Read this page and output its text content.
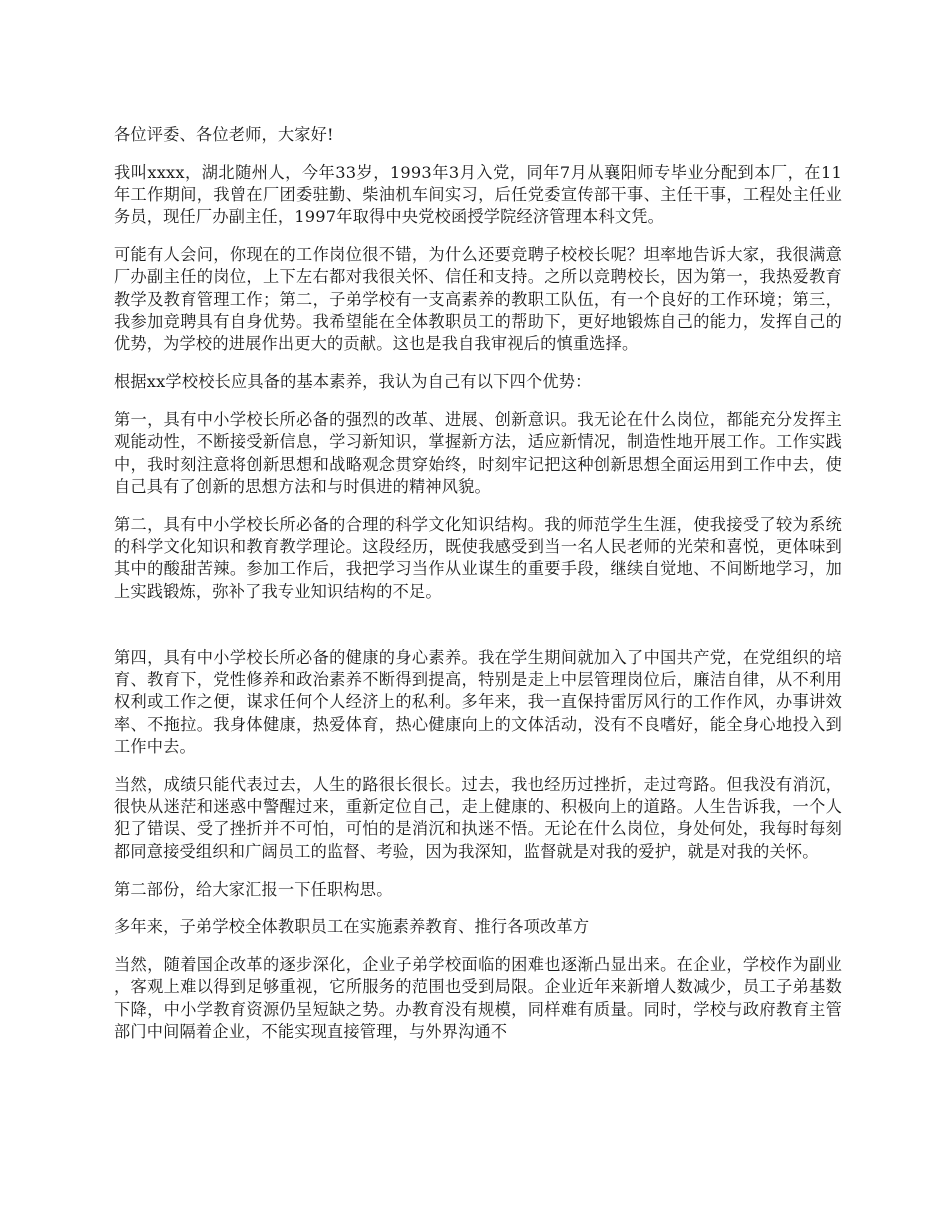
各位评委、各位老师，大家好!

我叫xxxx，湖北随州人，今年33岁，1993年3月入党，同年7月从襄阳师专毕业分配到本厂，在11年工作期间，我曾在厂团委驻勤、柴油机车间实习，后任党委宣传部干事、主任干事，工程处主任业务员，现任厂办副主任，1997年取得中央党校函授学院经济管理本科文凭。

可能有人会问，你现在的工作岗位很不错，为什么还要竞聘子校校长呢？坦率地告诉大家，我很满意厂办副主任的岗位，上下左右都对我很关怀、信任和支持。之所以竞聘校长，因为第一，我热爱教育教学及教育管理工作；第二，子弟学校有一支高素养的教职工队伍，有一个良好的工作环境；第三，我参加竞聘具有自身优势。我希望能在全体教职员工的帮助下，更好地锻炼自己的能力，发挥自己的优势，为学校的进展作出更大的贡献。这也是我自我审视后的慎重选择。

根据xx学校校长应具备的基本素养，我认为自己有以下四个优势：

第一，具有中小学校长所必备的强烈的改革、进展、创新意识。我无论在什么岗位，都能充分发挥主观能动性，不断接受新信息，学习新知识，掌握新方法，适应新情况，制造性地开展工作。工作实践中，我时刻注意将创新思想和战略观念贯穿始终，时刻牢记把这种创新思想全面运用到工作中去，使自己具有了创新的思想方法和与时俱进的精神风貌。

第二，具有中小学校长所必备的合理的科学文化知识结构。我的师范学生生涯，使我接受了较为系统的科学文化知识和教育教学理论。这段经历，既使我感受到当一名人民老师的光荣和喜悦，更体味到其中的酸甜苦辣。参加工作后，我把学习当作从业谋生的重要手段，继续自觉地、不间断地学习，加上实践锻炼，弥补了我专业知识结构的不足。

第四，具有中小学校长所必备的健康的身心素养。我在学生期间就加入了中国共产党，在党组织的培育、教育下，党性修养和政治素养不断得到提高，特别是走上中层管理岗位后，廉洁自律，从不利用权利或工作之便，谋求任何个人经济上的私利。多年来，我一直保持雷厉风行的工作作风，办事讲效率、不拖拉。我身体健康，热爱体育，热心健康向上的文体活动，没有不良嗜好，能全身心地投入到工作中去。

当然，成绩只能代表过去，人生的路很长很长。过去，我也经历过挫折，走过弯路。但我没有消沉，很快从迷茫和迷惑中警醒过来，重新定位自己，走上健康的、积极向上的道路。人生告诉我，一个人犯了错误、受了挫折并不可怕，可怕的是消沉和执迷不悟。无论在什么岗位，身处何处，我每时每刻都同意接受组织和广阔员工的监督、考验，因为我深知，监督就是对我的爱护，就是对我的关怀。

第二部份，给大家汇报一下任职构思。

多年来，子弟学校全体教职员工在实施素养教育、推行各项改革方

当然，随着国企改革的逐步深化，企业子弟学校面临的困难也逐渐凸显出来。在企业，学校作为副业，客观上难以得到足够重视，它所服务的范围也受到局限。企业近年来新增人数减少，员工子弟基数下降，中小学教育资源仍呈短缺之势。办教育没有规模，同样难有质量。同时，学校与政府教育主管部门中间隔着企业，不能实现直接管理，与外界沟通不
